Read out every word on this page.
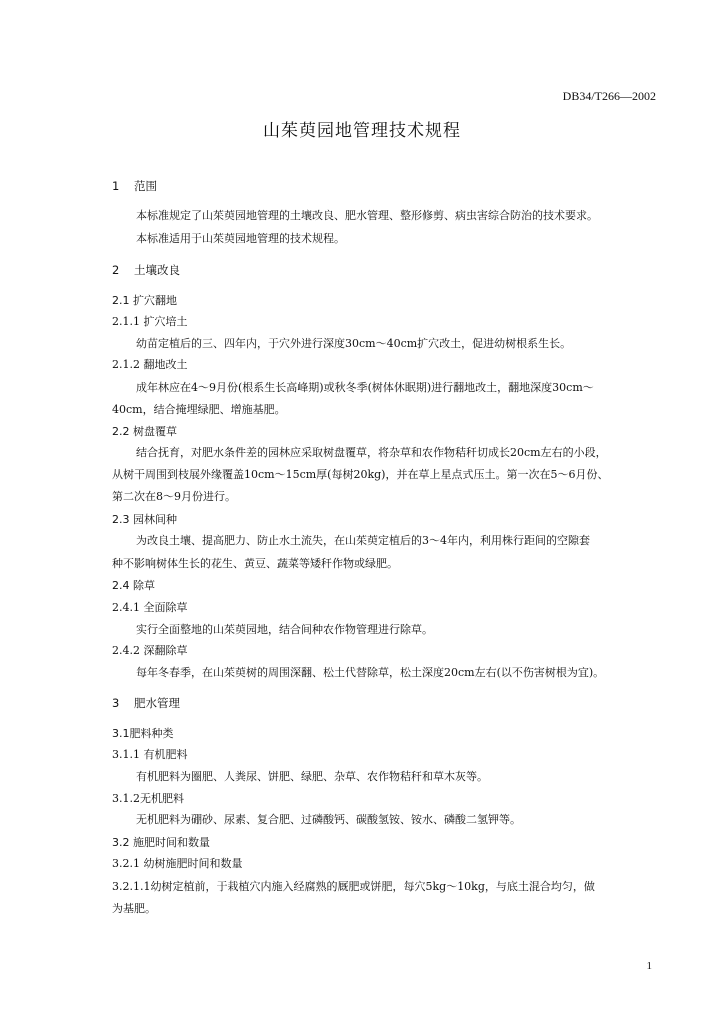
DB34/T266—2002
山茱萸园地管理技术规程
1 范围
本标准规定了山茱萸园地管理的土壤改良、肥水管理、整形修剪、病虫害综合防治的技术要求。
本标准适用于山茱萸园地管理的技术规程。
2 土壤改良
2.1 扩穴翻地
2.1.1 扩穴培土
幼苗定植后的三、四年内，于穴外进行深度30cm～40cm扩穴改土，促进幼树根系生长。
2.1.2 翻地改土
成年林应在4～9月份(根系生长高峰期)或秋冬季(树体休眠期)进行翻地改土，翻地深度30cm～
40cm，结合掩埋绿肥、增施基肥。
2.2 树盘覆草
结合抚育，对肥水条件差的园林应采取树盘覆草，将杂草和农作物秸秆切成长20cm左右的小段，
从树干周围到枝展外缘覆盖10cm～15cm厚(每树20kg)，并在草上星点式压土。第一次在5～6月份、
第二次在8～9月份进行。
2.3 园林间种
为改良土壤、提高肥力、防止水土流失，在山茱萸定植后的3～4年内，利用株行距间的空隙套
种不影响树体生长的花生、黄豆、蔬菜等矮秆作物或绿肥。
2.4 除草
2.4.1 全面除草
实行全面整地的山茱萸园地，结合间种农作物管理进行除草。
2.4.2 深翻除草
每年冬春季，在山茱萸树的周围深翻、松土代替除草，松土深度20cm左右(以不伤害树根为宜)。
3 肥水管理
3.1肥料种类
3.1.1 有机肥料
有机肥料为圈肥、人粪尿、饼肥、绿肥、杂草、农作物秸秆和草木灰等。
3.1.2无机肥料
无机肥料为硼砂、尿素、复合肥、过磷酸钙、碳酸氢铵、铵水、磷酸二氢钾等。
3.2 施肥时间和数量
3.2.1 幼树施肥时间和数量
3.2.1.1幼树定植前，于栽植穴内施入经腐熟的厩肥或饼肥，每穴5kg～10kg，与底土混合均匀，做
为基肥。
1
